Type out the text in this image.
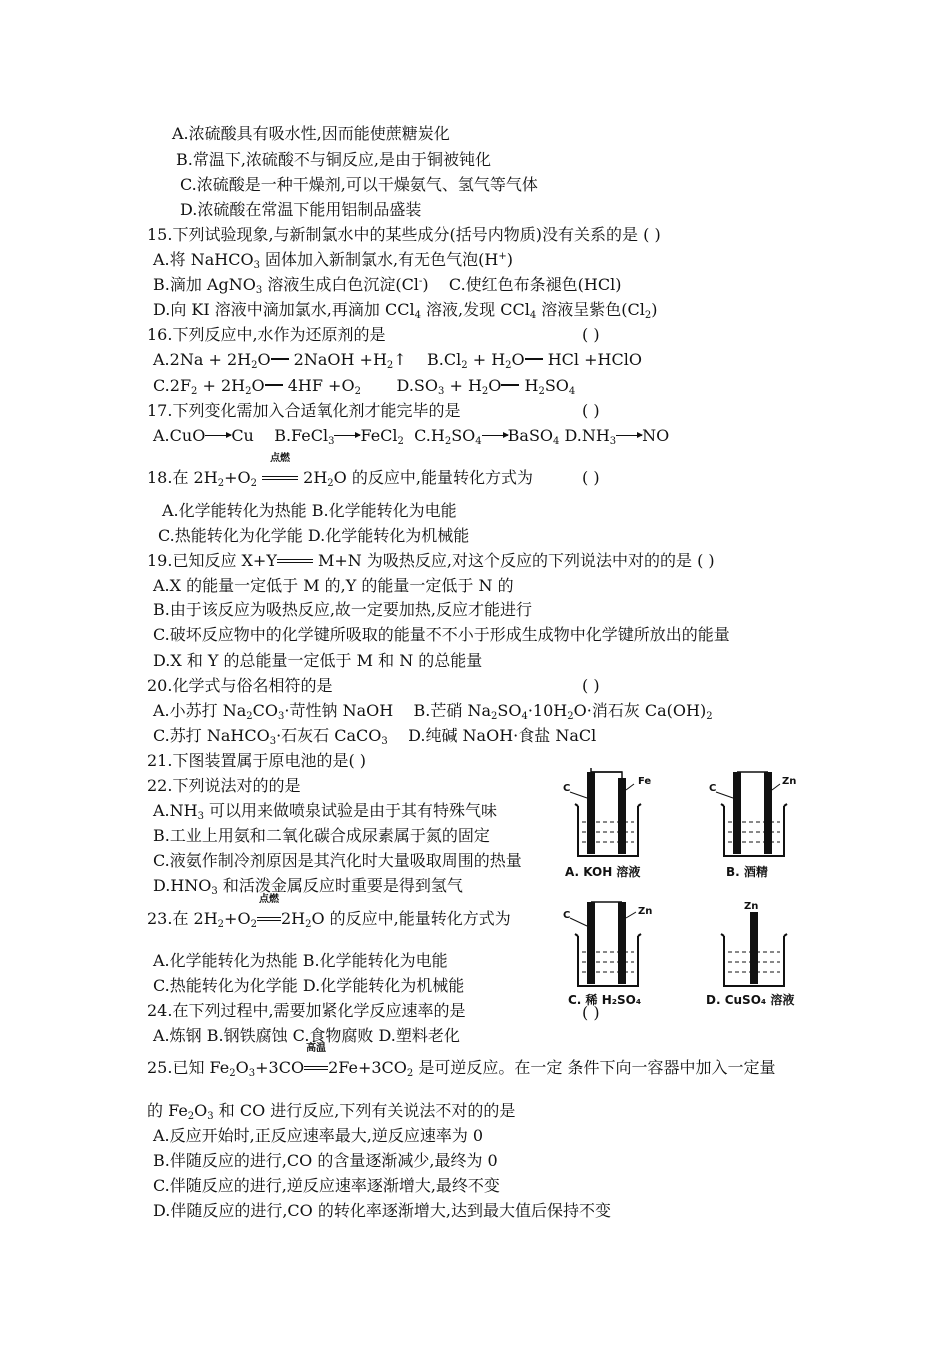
A.浓硫酸具有吸水性,因而能使蔗糖炭化
B.常温下,浓硫酸不与铜反应,是由于铜被钝化
C.浓硫酸是一种干燥剂,可以干燥氨气、氢气等气体
D.浓硫酸在常温下能用铝制品盛装
15.下列试验现象,与新制氯水中的某些成分(括号内物质)没有关系的是 ( )
A.将 NaHCO$_3$ 固体加入新制氯水,有无色气泡(H+)
B.滴加 AgNO$_3$ 溶液生成白色沉淀(Cl-)    C.使红色布条褪色(HCl)
D.向 KI 溶液中滴加氯水,再滴加 CCl$_4$ 溶液,发现 CCl$_4$ 溶液呈紫色$(Cl_2)$
16.下列反应中,水作为还原剂的是	( )
$A.2Na + 2H_2O$ 2NaOH $+H_2↑$    $B.Cl_2 + H_2O$ HCl +HClO
$C.2F_2 + 2H_2O$ $4HF +O_2$       $D.SO_3 + H_2O$ $H_2SO_4$
17.下列变化需加入合适氧化剂才能完毕的是	( )
A.CuO Cu    B.FeCl$_3$ FeCl$_2$  $C.H_2SO_4$ BaSO$_4$ $D.NH_3$ NO
18.在 $2H_2+O_2$
点燃
$2H_2O$ 的反应中,能量转化方式为	( )
A.化学能转化为热能 B.化学能转化为电能
C.热能转化为化学能 D.化学能转化为机械能
19.已知反应 X+Y M+N 为吸热反应,对这个反应的下列说法中对的的是 ( )
A.X 的能量一定低于 M 的,Y 的能量一定低于 N 的
B.由于该反应为吸热反应,故一定要加热,反应才能进行
C.破坏反应物中的化学键所吸取的能量不不小于形成生成物中化学键所放出的能量
D.X 和 Y 的总能量一定低于 M 和 N 的总能量
20.化学式与俗名相符的是	( )
A.小苏打 $Na_2CO_3\cdot$苛性钠 NaOH    B.芒硝 $Na_2SO_4\cdot 10H_2O\cdot$消石灰 $Ca(OH)_2$
C.苏打 NaHCO$_3$·石灰石 CaCO$_3$    D.纯碱 NaOH·食盐 NaCl
21.下图装置属于原电池的是( )
22.下列说法对的的是
$A.NH_3$ 可以用来做喷泉试验是由于其有特殊气味
B.工业上用氨和二氧化碳合成尿素属于氮的固定
C.液氨作制冷剂原因是其汽化时大量吸取周围的热量
$D.HNO_3$ 和活泼金属反应时重要是得到氢气
23.在 $2H_2+O_2$
点燃
$2H_2O$ 的反应中,能量转化方式为
A.化学能转化为热能 B.化学能转化为电能
C.热能转化为化学能 D.化学能转化为机械能
24.在下列过程中,需要加紧化学反应速率的是	( )
A.炼钢 B.钢铁腐蚀 C.食物腐败 D.塑料老化
25.已知 $Fe_2O_3+3CO$
高温
$2Fe+3CO_2$ 是可逆反应。在一定 条件下向一容器中加入一定量
的 $Fe_2O_3$ 和 CO 进行反应,下列有关说法不对的的是
A.反应开始时,正反应速率最大,逆反应速率为 0
B.伴随反应的进行,CO 的含量逐渐减少,最终为 0
C.伴随反应的进行,逆反应速率逐渐增大,最终不变
D.伴随反应的进行,CO 的转化率逐渐增大,达到最大值后保持不变
C
Fe
A. KOH 溶液
C
Zn
B. 酒精
C	Zn
C. 稀 H₂SO₄
Zn
D. CuSO₄ 溶液
